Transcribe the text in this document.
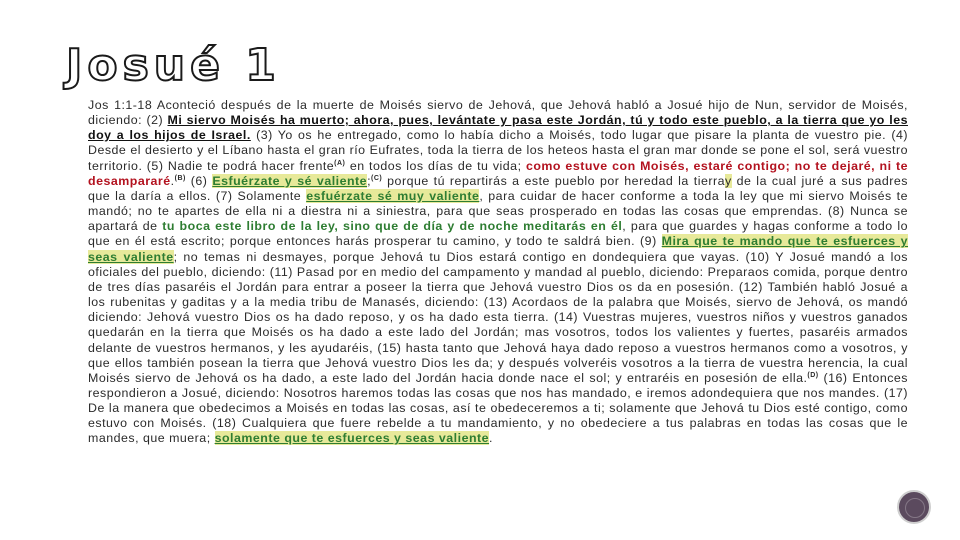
Josué 1
Jos 1:1-18 Aconteció después de la muerte de Moisés siervo de Jehová, que Jehová habló a Josué hijo de Nun, servidor de Moisés, diciendo: (2) Mi siervo Moisés ha muerto; ahora, pues, levántate y pasa este Jordán, tú y todo este pueblo, a la tierra que yo les doy a los hijos de Israel. (3) Yo os he entregado, como lo había dicho a Moisés, todo lugar que pisare la planta de vuestro pie. (4) Desde el desierto y el Líbano hasta el gran río Eufrates, toda la tierra de los heteos hasta el gran mar donde se pone el sol, será vuestro territorio. (5) Nadie te podrá hacer frente$^{(A)}$ en todos los días de tu vida; como estuve con Moisés, estaré contigo; no te dejaré, ni te desampararé.$^{(B)}$ (6) Esfuérzate y sé valiente;$^{(C)}$ porque tú repartirás a este pueblo por heredad la tierray de la cual juré a sus padres que la daría a ellos. (7) Solamente esfuérzate sé muy valiente, para cuidar de hacer conforme a toda la ley que mi siervo Moisés te mandó; no te apartes de ella ni a diestra ni a siniestra, para que seas prosperado en todas las cosas que emprendas. (8) Nunca se apartará de tu boca este libro de la ley, sino que de día y de noche meditarás en él, para que guardes y hagas conforme a todo lo que en él está escrito; porque entonces harás prosperar tu camino, y todo te saldrá bien. (9) Mira que te mando que te esfuerces y seas valiente; no temas ni desmayes, porque Jehová tu Dios estará contigo en dondequiera que vayas. (10) Y Josué mandó a los oficiales del pueblo, diciendo: (11) Pasad por en medio del campamento y mandad al pueblo, diciendo: Preparaos comida, porque dentro de tres días pasaréis el Jordán para entrar a poseer la tierra que Jehová vuestro Dios os da en posesión. (12) También habló Josué a los rubenitas y gaditas y a la media tribu de Manasés, diciendo: (13) Acordaos de la palabra que Moisés, siervo de Jehová, os mandó diciendo: Jehová vuestro Dios os ha dado reposo, y os ha dado esta tierra. (14) Vuestras mujeres, vuestros niños y vuestros ganados quedarán en la tierra que Moisés os ha dado a este lado del Jordán; mas vosotros, todos los valientes y fuertes, pasaréis armados delante de vuestros hermanos, y les ayudaréis, (15) hasta tanto que Jehová haya dado reposo a vuestros hermanos como a vosotros, y que ellos también posean la tierra que Jehová vuestro Dios les da; y después volveréis vosotros a la tierra de vuestra herencia, la cual Moisés siervo de Jehová os ha dado, a este lado del Jordán hacia donde nace el sol; y entraréis en posesión de ella.$^{(D)}$ (16) Entonces respondieron a Josué, diciendo: Nosotros haremos todas las cosas que nos has mandado, e iremos adondequiera que nos mandes. (17) De la manera que obedecimos a Moisés en todas las cosas, así te obedeceremos a ti; solamente que Jehová tu Dios esté contigo, como estuvo con Moisés. (18) Cualquiera que fuere rebelde a tu mandamiento, y no obedeciere a tus palabras en todas las cosas que le mandes, que muera; solamente que te esfuerces y seas valiente.
